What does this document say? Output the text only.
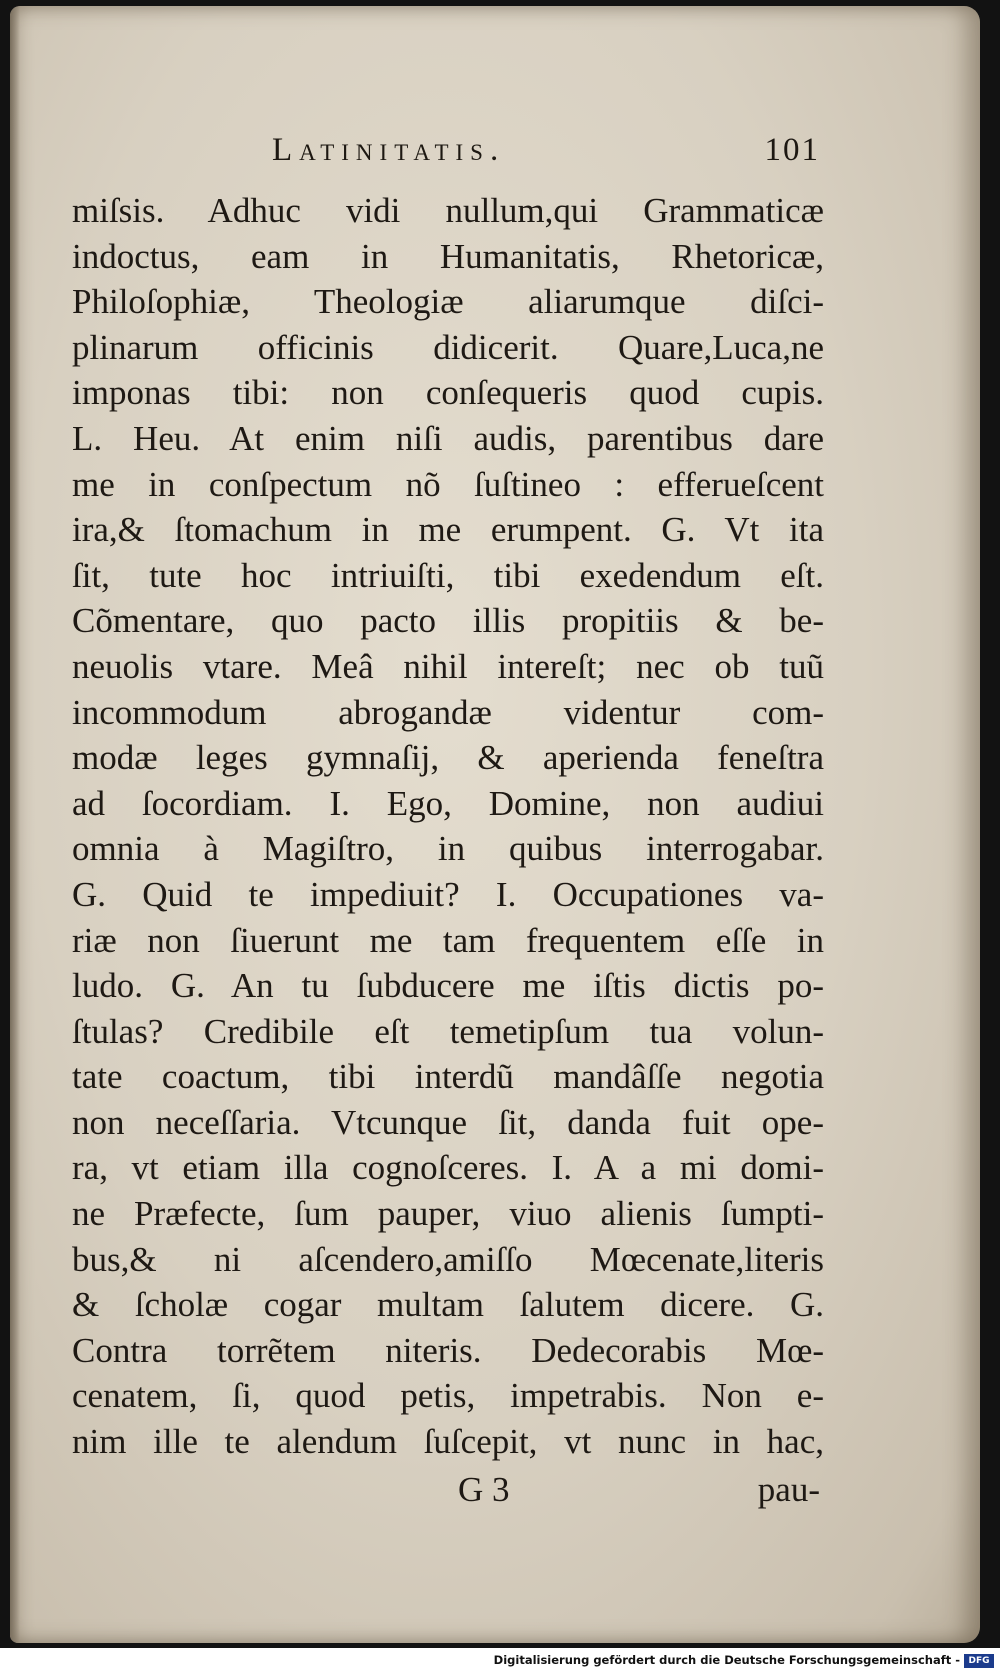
Latinitatis.	101
miſsis. Adhuc vidi nullum,qui Grammaticæ
indoctus, eam in Humanitatis, Rhetoricæ,
Philoſophiæ, Theologiæ aliarumque diſci-
plinarum officinis didicerit. Quare,Luca,ne
imponas tibi: non conſequeris quod cupis.
L. Heu. At enim niſi audis, parentibus dare
me in conſpectum nõ ſuſtineo : efferueſcent
ira,& ſtomachum in me erumpent. G. Vt ita
ſit, tute hoc intriuiſti, tibi exedendum eſt.
Cõmentare, quo pacto illis propitiis & be-
neuolis vtare. Meâ nihil intereſt; nec ob tuũ
incommodum abrogandæ videntur com-
modæ leges gymnaſij, & aperienda feneſtra
ad ſocordiam. I. Ego, Domine, non audiui
omnia à Magiſtro, in quibus interrogabar.
G. Quid te impediuit? I. Occupationes va-
riæ non ſiuerunt me tam frequentem eſſe in
ludo. G. An tu ſubducere me iſtis dictis po-
ſtulas? Credibile eſt temetipſum tua volun-
tate coactum, tibi interdũ mandâſſe negotia
non neceſſaria. Vtcunque ſit, danda fuit ope-
ra, vt etiam illa cognoſceres. I. A a mi domi-
ne Præfecte, ſum pauper, viuo alienis ſumpti-
bus,& ni aſcendero,amiſſo Mœcenate,literis
& ſcholæ cogar multam ſalutem dicere. G.
Contra torrẽtem niteris. Dedecorabis Mœ-
cenatem, ſi, quod petis, impetrabis. Non e-
nim ille te alendum ſuſcepit, vt nunc in hac,
G 3	pau-
Digitalisierung gefördert durch die Deutsche Forschungsgemeinschaft - DFG
